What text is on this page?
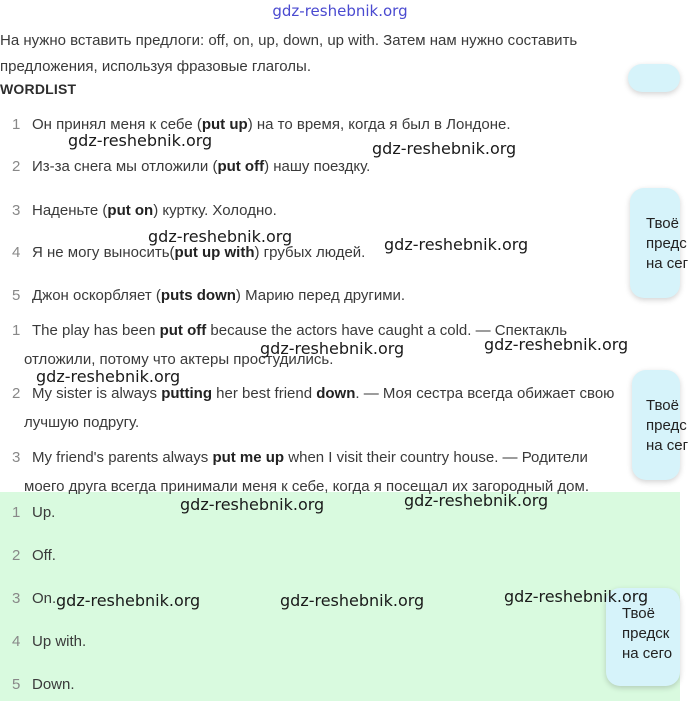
gdz-reshebnik.org
На нужно вставить предлоги: off, on, up, down, up with. Затем нам нужно составить предложения, используя фразовые глаголы.
WORDLIST
1 Он принял меня к себе (put up) на то время, когда я был в Лондоне.
2 Из-за снега мы отложили (put off) нашу поездку.
3 Наденьте (put on) куртку. Холодно.
4 Я не могу выносить(put up with) грубых людей.
5 Джон оскорбляет (puts down) Марию перед другими.
1 The play has been put off because the actors have caught a cold. — Спектакль
отложили, потому что актеры простудились.
2 My sister is always putting her best friend down. — Моя сестра всегда обижает свою
лучшую подругу.
3 My friend's parents always put me up when I visit their country house. — Родители
моего друга всегда принимали меня к себе, когда я посещал их загородный дом.
1 Up.
2 Off.
3 On.
4 Up with.
5 Down.
Твоё
предс
на сег
Твоё
предс
на сег
Твоё
предск
на сего
gdz-reshebnik.org	gdz-reshebnik.org
gdz-reshebnik.org	gdz-reshebnik.org
gdz-reshebnik.org	gdz-reshebnik.org
gdz-reshebnik.org
gdz-reshebnik.org	gdz-reshebnik.org
gdz-reshebnik.org	gdz-reshebnik.org	gdz-reshebnik.org
